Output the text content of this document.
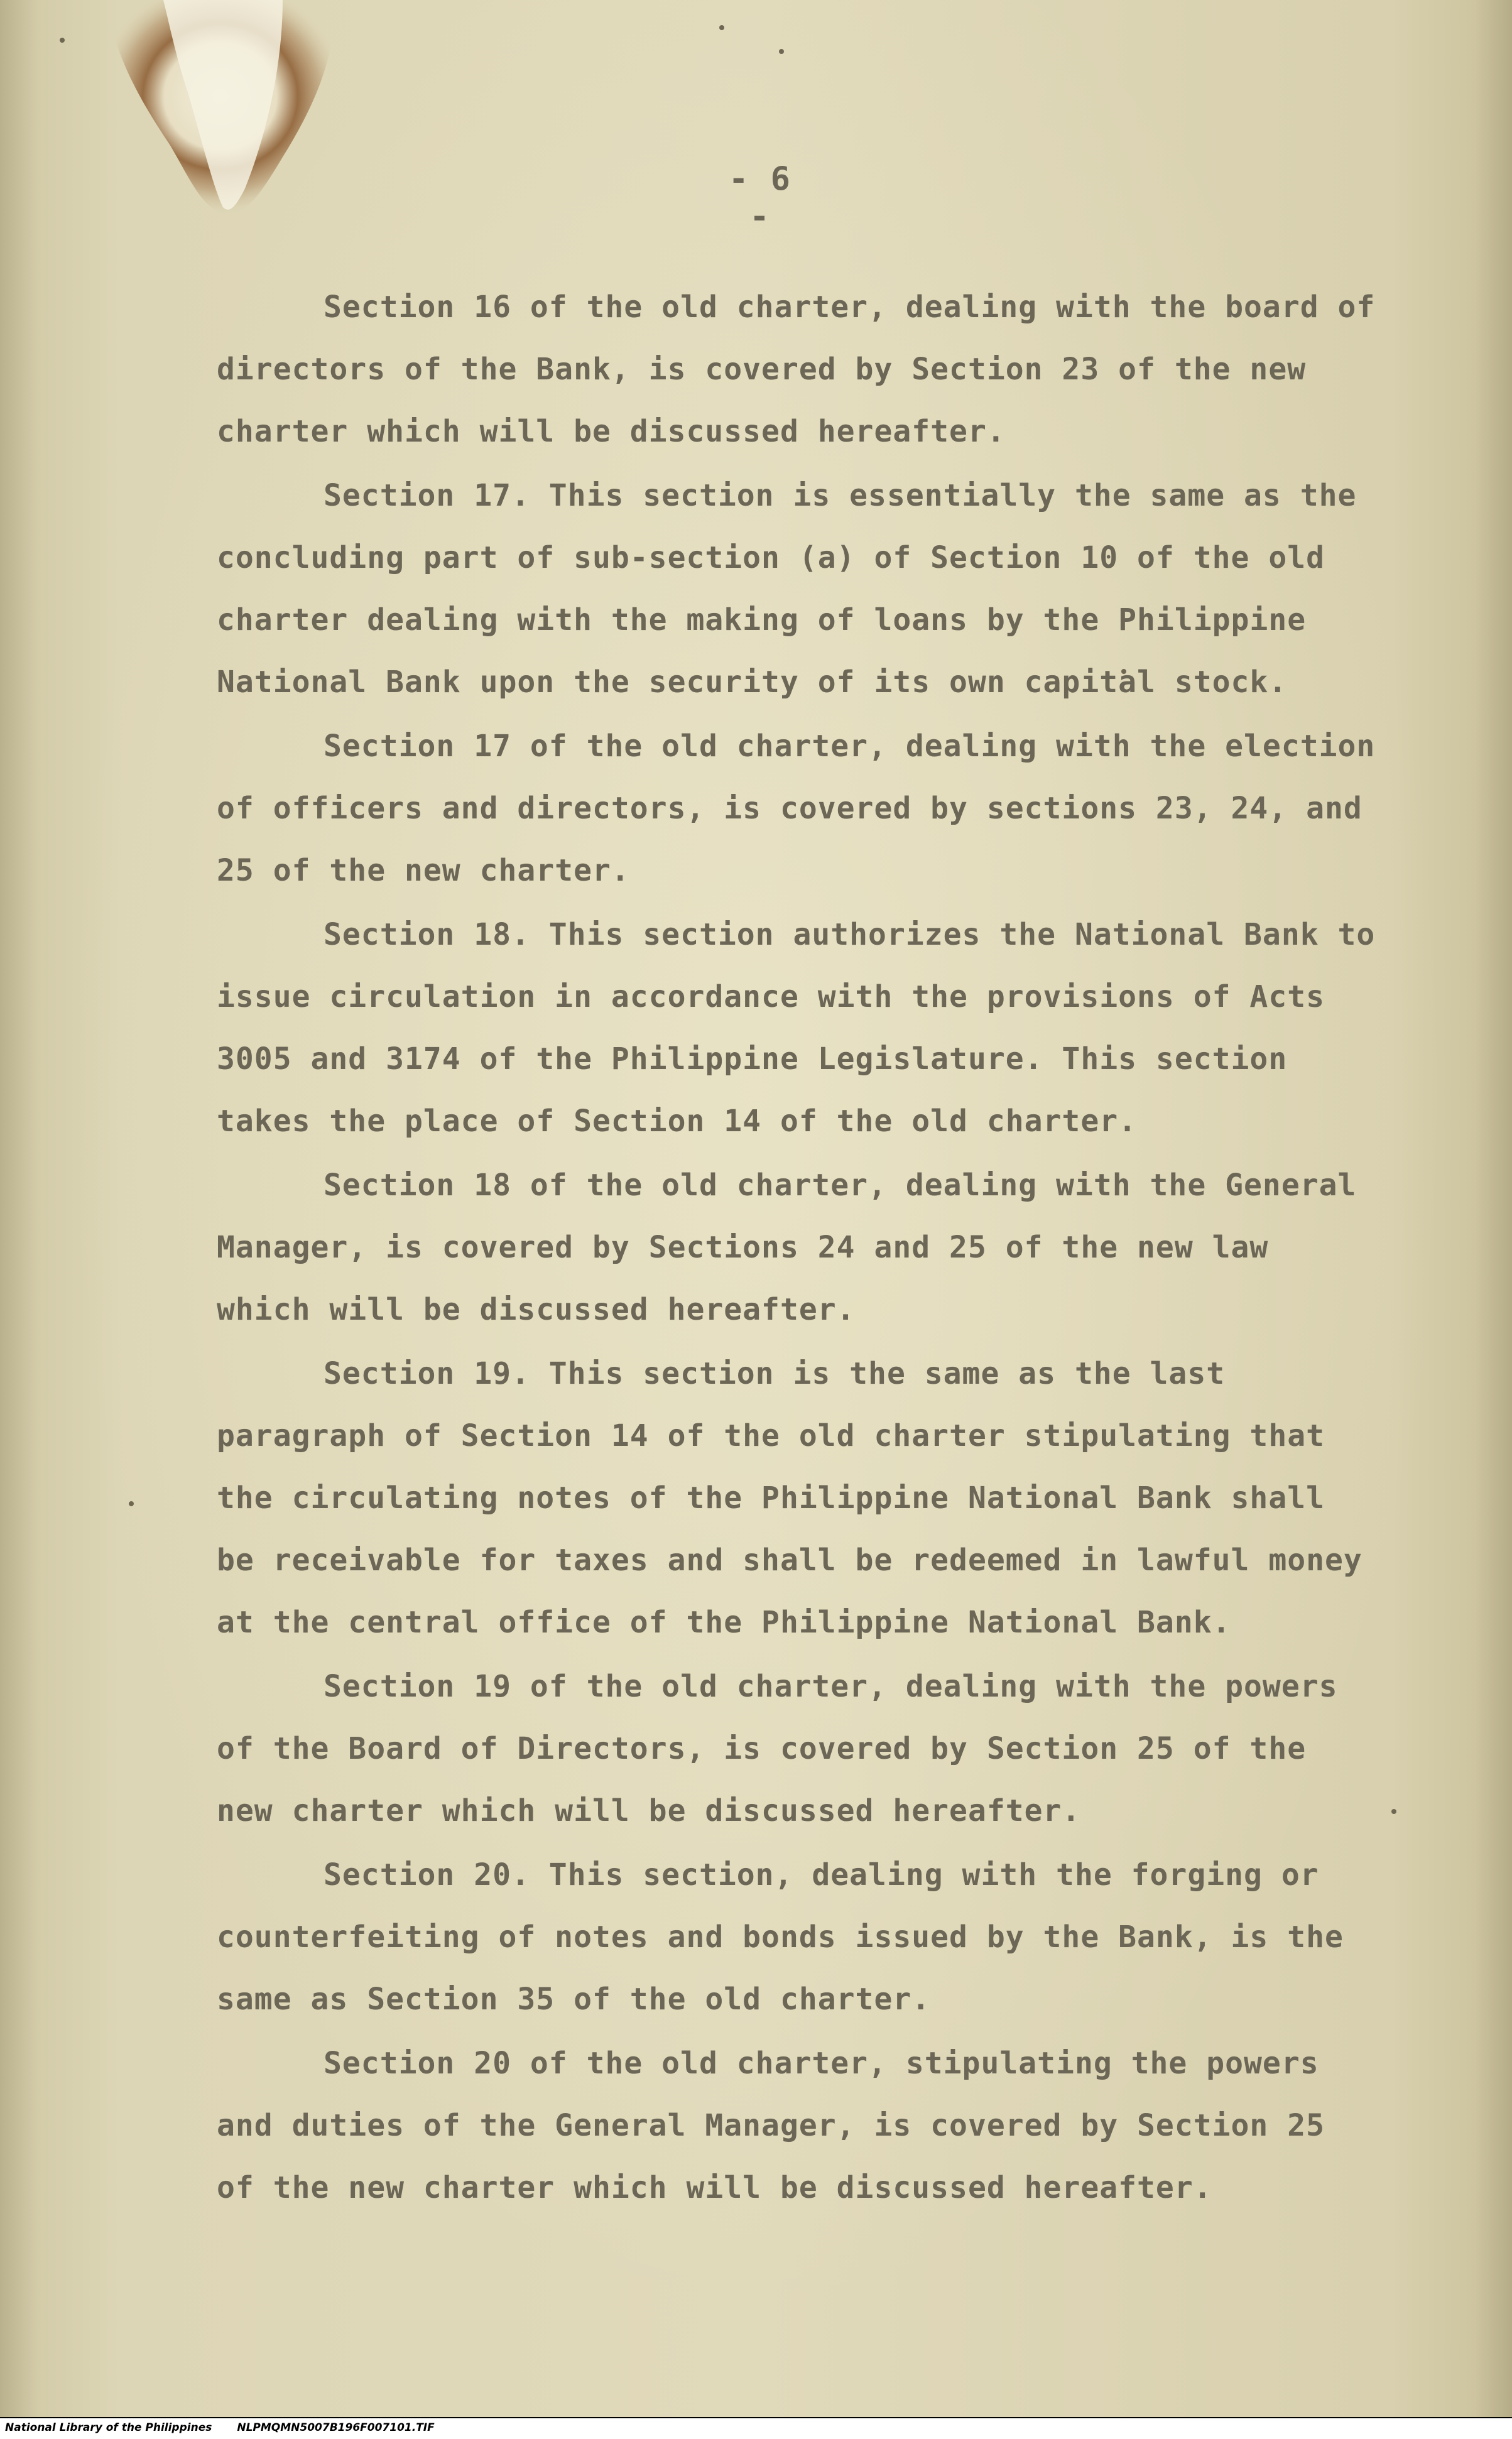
- 6 -

Section 16 of the old charter, dealing with the board of directors of the Bank, is covered by Section 23 of the new charter which will be discussed hereafter.

Section 17. This section is essentially the same as the concluding part of sub-section (a) of Section 10 of the old charter dealing with the making of loans by the Philippine National Bank upon the security of its own capital stock.

Section 17 of the old charter, dealing with the election of officers and directors, is covered by sections 23, 24, and 25 of the new charter.

Section 18. This section authorizes the National Bank to issue circulation in accordance with the provisions of Acts 3005 and 3174 of the Philippine Legislature. This section takes the place of Section 14 of the old charter.

Section 18 of the old charter, dealing with the General Manager, is covered by Sections 24 and 25 of the new law which will be discussed hereafter.

Section 19. This section is the same as the last paragraph of Section 14 of the old charter stipulating that the circulating notes of the Philippine National Bank shall be receivable for taxes and shall be redeemed in lawful money at the central office of the Philippine National Bank.

Section 19 of the old charter, dealing with the powers of the Board of Directors, is covered by Section 25 of the new charter which will be discussed hereafter.

Section 20. This section, dealing with the forging or counterfeiting of notes and bonds issued by the Bank, is the same as Section 35 of the old charter.

Section 20 of the old charter, stipulating the powers and duties of the General Manager, is covered by Section 25 of the new charter which will be discussed hereafter.

National Library of the Philippines NLPMQMN5007B196F007101.TIF
